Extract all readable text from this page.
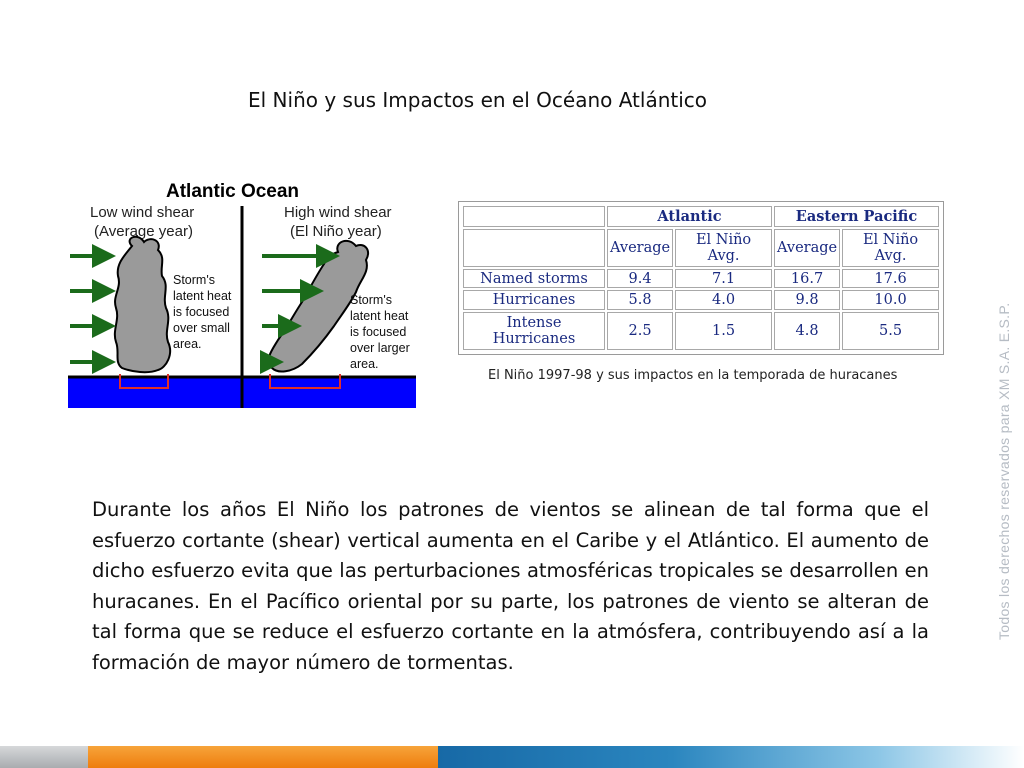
El Niño y sus Impactos en el Océano Atlántico
Atlantic Ocean
Low wind shear
(Average year)
High wind shear
(El Niño year)
Storm's
latent heat
is focused
over small
area.
Storm's
latent heat
is focused
over larger
area.
	Atlantic		Eastern Pacific	
	Average	El Niño Avg.	Average	El Niño Avg.
Named storms	9.4	7.1	16.7	17.6
Hurricanes	5.8	4.0	9.8	10.0
Intense Hurricanes	2.5	1.5	4.8	5.5
El Niño 1997-98 y sus impactos en la temporada de huracanes
Durante los años El Niño los patrones de vientos se alinean de tal forma que el esfuerzo cortante (shear) vertical aumenta en el Caribe y el Atlántico. El aumento de dicho esfuerzo evita que las perturbaciones atmosféricas tropicales se desarrollen en huracanes. En el Pacífico oriental por su parte, los patrones de viento se alteran de tal forma que se reduce el esfuerzo cortante en la atmósfera, contribuyendo así a la formación de mayor número de tormentas.
Todos los derechos reservados para XM S.A. E.S.P.
